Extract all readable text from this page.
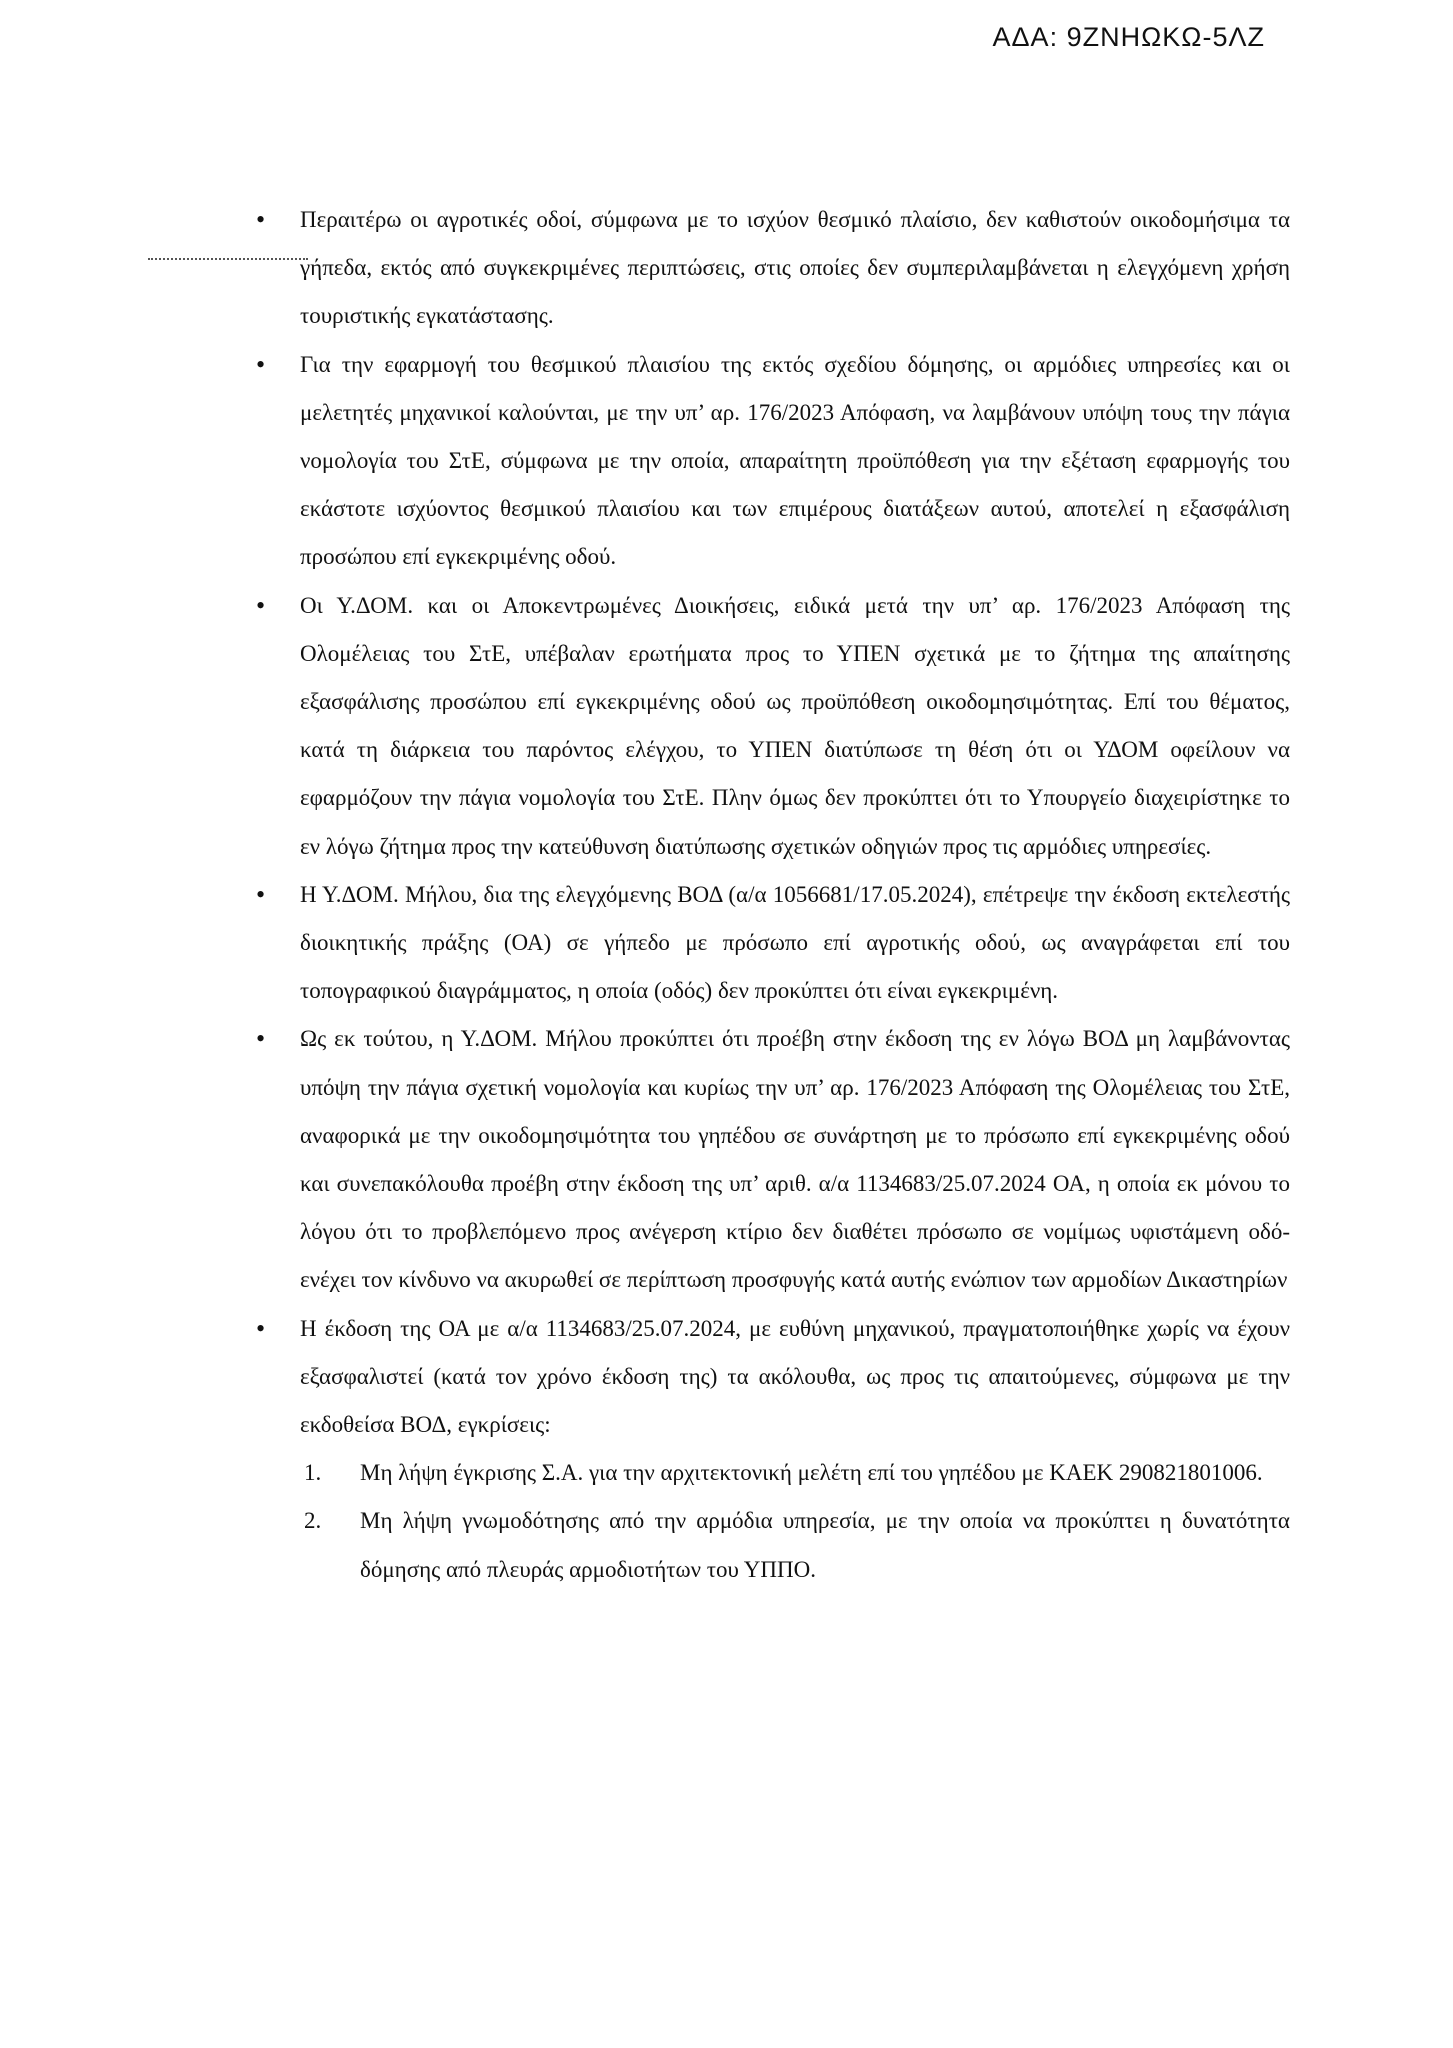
ΑΔΑ: 9ΖΝΗΩΚΩ-5ΛΖ
• Περαιτέρω οι αγροτικές οδοί, σύμφωνα με το ισχύον θεσμικό πλαίσιο, δεν καθιστούν οικοδομήσιμα τα γήπεδα, εκτός από συγκεκριμένες περιπτώσεις, στις οποίες δεν συμπεριλαμβάνεται η ελεγχόμενη χρήση τουριστικής εγκατάστασης.
• Για την εφαρμογή του θεσμικού πλαισίου της εκτός σχεδίου δόμησης, οι αρμόδιες υπηρεσίες και οι μελετητές μηχανικοί καλούνται, με την υπ’ αρ. 176/2023 Απόφαση, να λαμβάνουν υπόψη τους την πάγια νομολογία του ΣτΕ, σύμφωνα με την οποία, απαραίτητη προϋπόθεση για την εξέταση εφαρμογής του εκάστοτε ισχύοντος θεσμικού πλαισίου και των επιμέρους διατάξεων αυτού, αποτελεί η εξασφάλιση προσώπου επί εγκεκριμένης οδού.
• Οι Υ.ΔΟΜ. και οι Αποκεντρωμένες Διοικήσεις, ειδικά μετά την υπ’ αρ. 176/2023 Απόφαση της Ολομέλειας του ΣτΕ, υπέβαλαν ερωτήματα προς το ΥΠΕΝ σχετικά με το ζήτημα της απαίτησης εξασφάλισης προσώπου επί εγκεκριμένης οδού ως προϋπόθεση οικοδομησιμότητας. Επί του θέματος, κατά τη διάρκεια του παρόντος ελέγχου, το ΥΠΕΝ διατύπωσε τη θέση ότι οι ΥΔΟΜ οφείλουν να εφαρμόζουν την πάγια νομολογία του ΣτΕ. Πλην όμως δεν προκύπτει ότι το Υπουργείο διαχειρίστηκε το εν λόγω ζήτημα προς την κατεύθυνση διατύπωσης σχετικών οδηγιών προς τις αρμόδιες υπηρεσίες.
• Η Υ.ΔΟΜ. Μήλου, δια της ελεγχόμενης ΒΟΔ (α/α 1056681/17.05.2024), επέτρεψε την έκδοση εκτελεστής διοικητικής πράξης (ΟΑ) σε γήπεδο με πρόσωπο επί αγροτικής οδού, ως αναγράφεται επί του τοπογραφικού διαγράμματος, η οποία (οδός) δεν προκύπτει ότι είναι εγκεκριμένη.
• Ως εκ τούτου, η Υ.ΔΟΜ. Μήλου προκύπτει ότι προέβη στην έκδοση της εν λόγω ΒΟΔ μη λαμβάνοντας υπόψη την πάγια σχετική νομολογία και κυρίως την υπ’ αρ. 176/2023 Απόφαση της Ολομέλειας του ΣτΕ, αναφορικά με την οικοδομησιμότητα του γηπέδου σε συνάρτηση με το πρόσωπο επί εγκεκριμένης οδού και συνεπακόλουθα προέβη στην έκδοση της υπ’ αριθ. α/α 1134683/25.07.2024 ΟΑ, η οποία εκ μόνου το λόγου ότι το προβλεπόμενο προς ανέγερση κτίριο δεν διαθέτει πρόσωπο σε νομίμως υφιστάμενη οδό- ενέχει τον κίνδυνο να ακυρωθεί σε περίπτωση προσφυγής κατά αυτής ενώπιον των αρμοδίων Δικαστηρίων
• Η έκδοση της ΟΑ με α/α 1134683/25.07.2024, με ευθύνη μηχανικού, πραγματοποιήθηκε χωρίς να έχουν εξασφαλιστεί (κατά τον χρόνο έκδοση της) τα ακόλουθα, ως προς τις απαιτούμενες, σύμφωνα με την εκδοθείσα ΒΟΔ, εγκρίσεις:
1. Μη λήψη έγκρισης Σ.Α. για την αρχιτεκτονική μελέτη επί του γηπέδου με ΚΑΕΚ 290821801006.
2. Μη λήψη γνωμοδότησης από την αρμόδια υπηρεσία, με την οποία να προκύπτει η δυνατότητα δόμησης από πλευράς αρμοδιοτήτων του ΥΠΠΟ.
